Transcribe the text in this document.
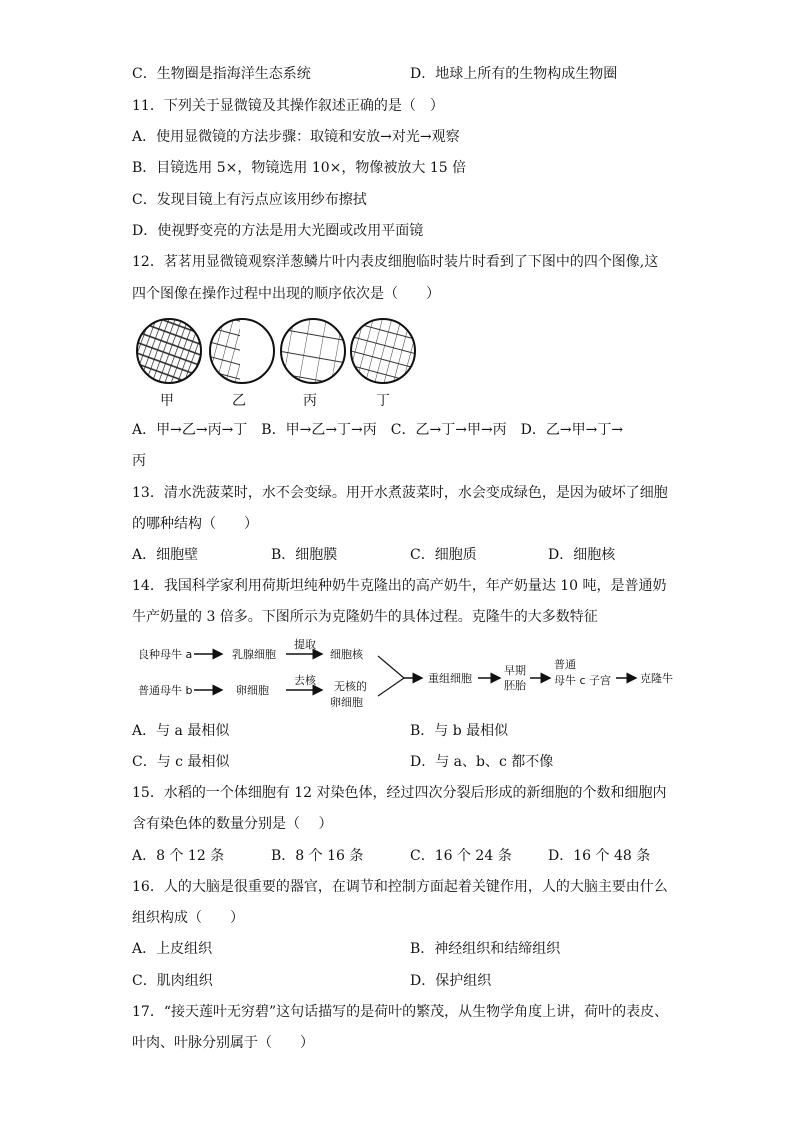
C．生物圈是指海洋生态系统	D．地球上所有的生物构成生物圈
11．下列关于显微镜及其操作叙述正确的是（　）
A．使用显微镜的方法步骤：取镜和安放→对光→观察
B．目镜选用 5×，物镜选用 10×，物像被放大 15 倍
C．发现目镜上有污点应该用纱布擦拭
D．使视野变亮的方法是用大光圈或改用平面镜
12．茗茗用显微镜观察洋葱鳞片叶内表皮细胞临时装片时看到了下图中的四个图像,这
四个图像在操作过程中出现的顺序依次是（　　）
甲	乙	丙	丁
A．甲→乙→丙→丁　B．甲→乙→丁→丙　C．乙→丁→甲→丙　D．乙→甲→丁→
丙
13．清水洗菠菜时，水不会变绿。用开水煮菠菜时，水会变成绿色，是因为破坏了细胞
的哪种结构（　　）
A．细胞壁	B．细胞膜	C．细胞质	D．细胞核
14．我国科学家利用荷斯坦纯种奶牛克隆出的高产奶牛，年产奶量达 10 吨，是普通奶
牛产奶量的 3 倍多。下图所示为克隆奶牛的具体过程。克隆牛的大多数特征
良种母牛 a	乳腺细胞
提取
细胞核
普通母牛 b	卵细胞
去核 无核的
卵细胞
重组细胞
早期
胚胎
普通
母牛 c 子宫	克隆牛
A．与 a 最相似	B．与 b 最相似
C．与 c 最相似	D．与 a、b、c 都不像
15．水稻的一个体细胞有 12 对染色体，经过四次分裂后形成的新细胞的个数和细胞内
含有染色体的数量分别是（　 ）
A．8 个 12 条	B．8 个 16 条	C．16 个 24 条	D．16 个 48 条
16．人的大脑是很重要的器官，在调节和控制方面起着关键作用，人的大脑主要由什么
组织构成（　　）
A．上皮组织	B．神经组织和结缔组织
C．肌肉组织	D．保护组织
17．“接天莲叶无穷碧”这句话描写的是荷叶的繁茂，从生物学角度上讲，荷叶的表皮、
叶肉、叶脉分别属于（　　）
